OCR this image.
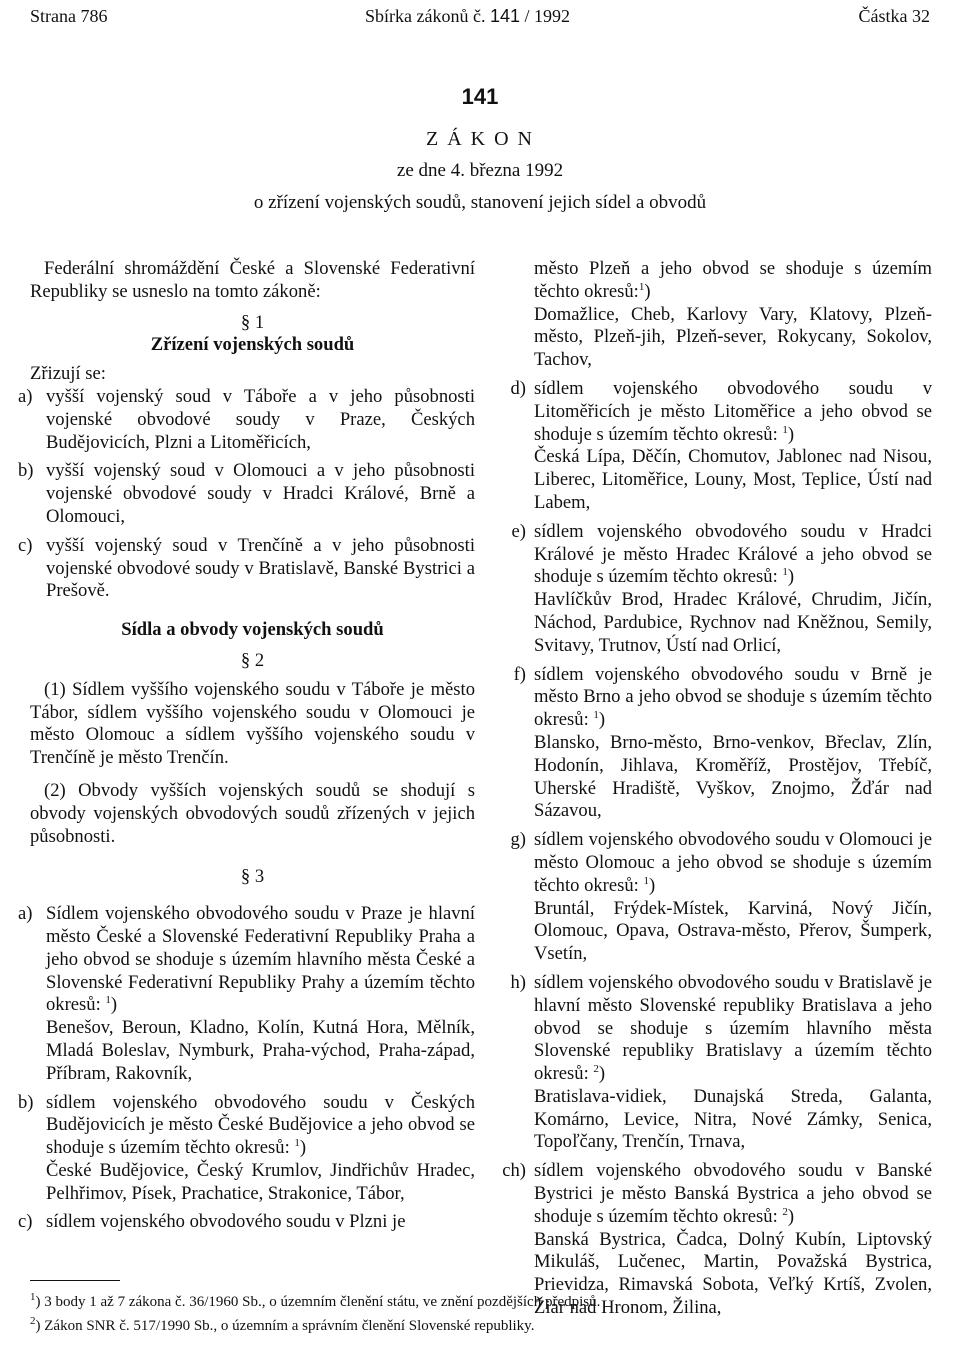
Strana 786	Sbírka zákonů č. 141 / 1992	Částka 32
141
Z Á K O N
ze dne 4. března 1992
o zřízení vojenských soudů, stanovení jejich sídel a obvodů

Federální shromáždění České a Slovenské Federativní Republiky se usneslo na tomto zákoně:

§ 1

Zřízení vojenských soudů

Zřizují se:

a) vyšší vojenský soud v Táboře a v jeho působnosti vojenské obvodové soudy v Praze, Českých Budějovicích, Plzni a Litoměřicích,
b) vyšší vojenský soud v Olomouci a v jeho působnosti vojenské obvodové soudy v Hradci Králové, Brně a Olomouci,
c) vyšší vojenský soud v Trenčíně a v jeho působnosti vojenské obvodové soudy v Bratislavě, Banské Bystrici a Prešově.

Sídla a obvody vojenských soudů

§ 2

(1) Sídlem vyššího vojenského soudu v Táboře je město Tábor, sídlem vyššího vojenského soudu v Olomouci je město Olomouc a sídlem vyššího vojenského soudu v Trenčíně je město Trenčín.

(2) Obvody vyšších vojenských soudů se shodují s obvody vojenských obvodových soudů zřízených v jejich působnosti.

§ 3

a) Sídlem vojenského obvodového soudu v Praze je hlavní město České a Slovenské Federativní Republiky Praha a jeho obvod se shoduje s územím hlavního města České a Slovenské Federativní Republiky Prahy a územím těchto okresů: $^1$)
Benešov, Beroun, Kladno, Kolín, Kutná Hora, Mělník, Mladá Boleslav, Nymburk, Praha-východ, Praha-západ, Příbram, Rakovník,
b) sídlem vojenského obvodového soudu v Českých Budějovicích je město České Budějovice a jeho obvod se shoduje s územím těchto okresů: $^1$)
České Budějovice, Český Krumlov, Jindřichův Hradec, Pelhřimov, Písek, Prachatice, Strakonice, Tábor,
c) sídlem vojenského obvodového soudu v Plzni je
město Plzeň a jeho obvod se shoduje s územím těchto okresů:$^1$)
Domažlice, Cheb, Karlovy Vary, Klatovy, Plzeň-město, Plzeň-jih, Plzeň-sever, Rokycany, Sokolov, Tachov,
d) sídlem vojenského obvodového soudu v Litoměřicích je město Litoměřice a jeho obvod se shoduje s územím těchto okresů: $^1$)
Česká Lípa, Děčín, Chomutov, Jablonec nad Nisou, Liberec, Litoměřice, Louny, Most, Teplice, Ústí nad Labem,
e) sídlem vojenského obvodového soudu v Hradci Králové je město Hradec Králové a jeho obvod se shoduje s územím těchto okresů: $^1$)
Havlíčkův Brod, Hradec Králové, Chrudim, Jičín, Náchod, Pardubice, Rychnov nad Kněžnou, Semily, Svitavy, Trutnov, Ústí nad Orlicí,
f) sídlem vojenského obvodového soudu v Brně je město Brno a jeho obvod se shoduje s územím těchto okresů: $^1$)
Blansko, Brno-město, Brno-venkov, Břeclav, Zlín, Hodonín, Jihlava, Kroměříž, Prostějov, Třebíč, Uherské Hradiště, Vyškov, Znojmo, Žďár nad Sázavou,
g) sídlem vojenského obvodového soudu v Olomouci je město Olomouc a jeho obvod se shoduje s územím těchto okresů: $^1$)
Bruntál, Frýdek-Místek, Karviná, Nový Jičín, Olomouc, Opava, Ostrava-město, Přerov, Šumperk, Vsetín,
h) sídlem vojenského obvodového soudu v Bratislavě je hlavní město Slovenské republiky Bratislava a jeho obvod se shoduje s územím hlavního města Slovenské republiky Bratislavy a územím těchto okresů: $^2$)
Bratislava-vidiek, Dunajská Streda, Galanta, Komárno, Levice, Nitra, Nové Zámky, Senica, Topoľčany, Trenčín, Trnava,
ch) sídlem vojenského obvodového soudu v Banské Bystrici je město Banská Bystrica a jeho obvod se shoduje s územím těchto okresů: $^2$)
Banská Bystrica, Čadca, Dolný Kubín, Liptovský Mikuláš, Lučenec, Martin, Považská Bystrica, Prievidza, Rimavská Sobota, Veľký Krtíš, Zvolen, Žiar nad Hronom, Žilina,
$^1$) 3 body 1 až 7 zákona č. 36/1960 Sb., o územním členění státu, ve znění pozdějších předpisů.
$^2$) Zákon SNR č. 517/1990 Sb., o územním a správním členění Slovenské republiky.
